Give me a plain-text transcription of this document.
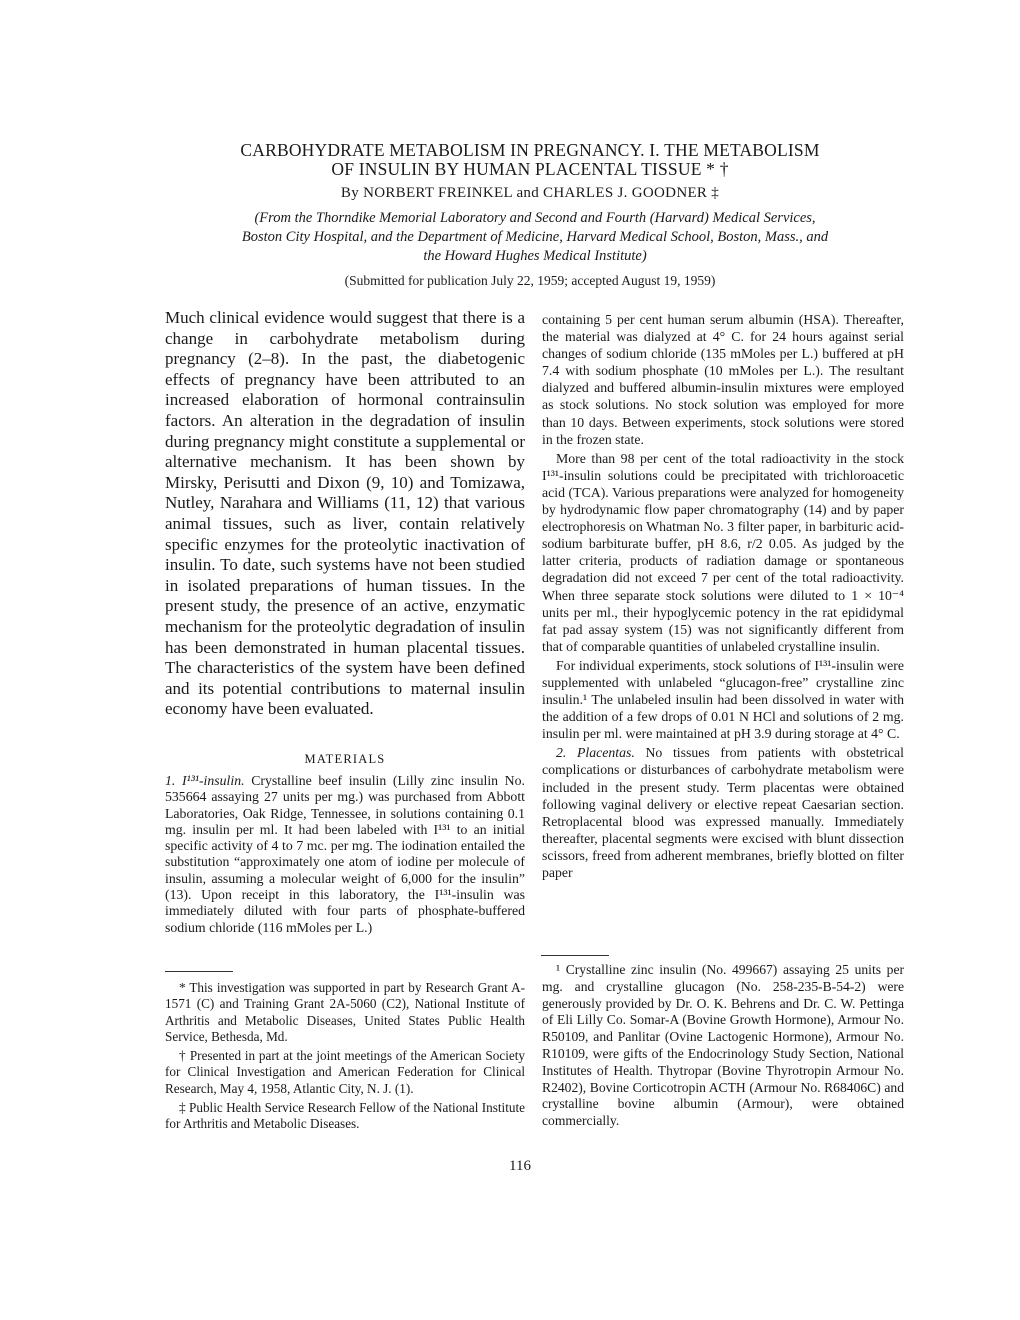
CARBOHYDRATE METABOLISM IN PREGNANCY. I. THE METABOLISM
OF INSULIN BY HUMAN PLACENTAL TISSUE * †
By NORBERT FREINKEL and CHARLES J. GOODNER ‡
(From the Thorndike Memorial Laboratory and Second and Fourth (Harvard) Medical Services, Boston City Hospital, and the Department of Medicine, Harvard Medical School, Boston, Mass., and the Howard Hughes Medical Institute)
(Submitted for publication July 22, 1959; accepted August 19, 1959)

Much clinical evidence would suggest that there is a change in carbohydrate metabolism during pregnancy (2–8). In the past, the diabetogenic effects of pregnancy have been attributed to an increased elaboration of hormonal contrainsulin factors. An alteration in the degradation of insulin during pregnancy might constitute a supplemental or alternative mechanism. It has been shown by Mirsky, Perisutti and Dixon (9, 10) and Tomizawa, Nutley, Narahara and Williams (11, 12) that various animal tissues, such as liver, contain relatively specific enzymes for the proteolytic inactivation of insulin. To date, such systems have not been studied in isolated preparations of human tissues. In the present study, the presence of an active, enzymatic mechanism for the proteolytic degradation of insulin has been demonstrated in human placental tissues. The characteristics of the system have been defined and its potential contributions to maternal insulin economy have been evaluated.

MATERIALS

1. I¹³¹-insulin. Crystalline beef insulin (Lilly zinc insulin No. 535664 assaying 27 units per mg.) was purchased from Abbott Laboratories, Oak Ridge, Tennessee, in solutions containing 0.1 mg. insulin per ml. It had been labeled with I¹³¹ to an initial specific activity of 4 to 7 mc. per mg. The iodination entailed the substitution “approximately one atom of iodine per molecule of insulin, assuming a molecular weight of 6,000 for the insulin” (13). Upon receipt in this laboratory, the I¹³¹-insulin was immediately diluted with four parts of phosphate-buffered sodium chloride (116 mMoles per L.)

* This investigation was supported in part by Research Grant A-1571 (C) and Training Grant 2A-5060 (C2), National Institute of Arthritis and Metabolic Diseases, United States Public Health Service, Bethesda, Md.

† Presented in part at the joint meetings of the American Society for Clinical Investigation and American Federation for Clinical Research, May 4, 1958, Atlantic City, N. J. (1).

‡ Public Health Service Research Fellow of the National Institute for Arthritis and Metabolic Diseases.

containing 5 per cent human serum albumin (HSA). Thereafter, the material was dialyzed at 4° C. for 24 hours against serial changes of sodium chloride (135 mMoles per L.) buffered at pH 7.4 with sodium phosphate (10 mMoles per L.). The resultant dialyzed and buffered albumin-insulin mixtures were employed as stock solutions. No stock solution was employed for more than 10 days. Between experiments, stock solutions were stored in the frozen state.

More than 98 per cent of the total radioactivity in the stock I¹³¹-insulin solutions could be precipitated with trichloroacetic acid (TCA). Various preparations were analyzed for homogeneity by hydrodynamic flow paper chromatography (14) and by paper electrophoresis on Whatman No. 3 filter paper, in barbituric acid-sodium barbiturate buffer, pH 8.6, r/2 0.05. As judged by the latter criteria, products of radiation damage or spontaneous degradation did not exceed 7 per cent of the total radioactivity. When three separate stock solutions were diluted to 1 × 10⁻⁴ units per ml., their hypoglycemic potency in the rat epididymal fat pad assay system (15) was not significantly different from that of comparable quantities of unlabeled crystalline insulin.

For individual experiments, stock solutions of I¹³¹-insulin were supplemented with unlabeled “glucagon-free” crystalline zinc insulin.¹ The unlabeled insulin had been dissolved in water with the addition of a few drops of 0.01 N HCl and solutions of 2 mg. insulin per ml. were maintained at pH 3.9 during storage at 4° C.

2. Placentas. No tissues from patients with obstetrical complications or disturbances of carbohydrate metabolism were included in the present study. Term placentas were obtained following vaginal delivery or elective repeat Caesarian section. Retroplacental blood was expressed manually. Immediately thereafter, placental segments were excised with blunt dissection scissors, freed from adherent membranes, briefly blotted on filter paper

¹ Crystalline zinc insulin (No. 499667) assaying 25 units per mg. and crystalline glucagon (No. 258-235-B-54-2) were generously provided by Dr. O. K. Behrens and Dr. C. W. Pettinga of Eli Lilly Co. Somar-A (Bovine Growth Hormone), Armour No. R50109, and Panlitar (Ovine Lactogenic Hormone), Armour No. R10109, were gifts of the Endocrinology Study Section, National Institutes of Health. Thytropar (Bovine Thyrotropin Armour No. R2402), Bovine Corticotropin ACTH (Armour No. R68406C) and crystalline bovine albumin (Armour), were obtained commercially.

116
